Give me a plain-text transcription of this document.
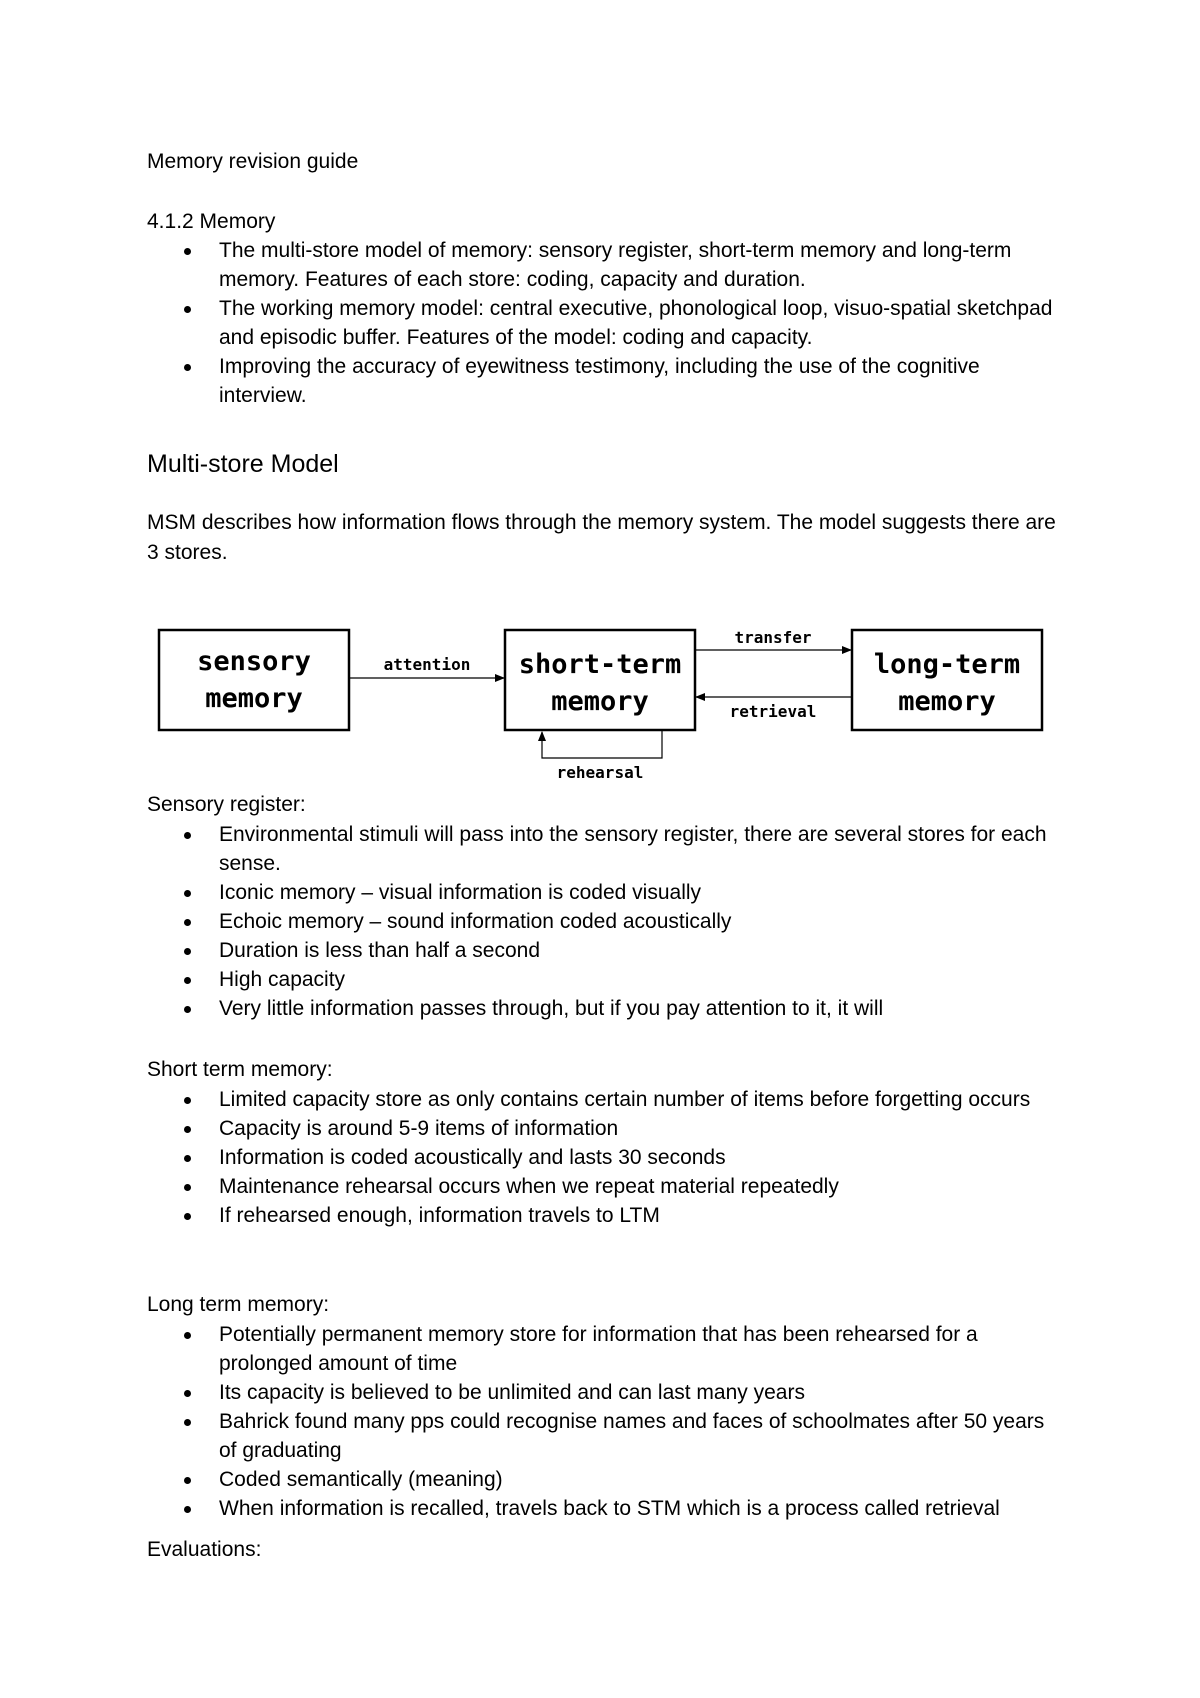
Memory revision guide
4.1.2 Memory
The multi-store model of memory: sensory register, short-term memory and long-term memory. Features of each store: coding, capacity and duration.
The working memory model: central executive, phonological loop, visuo-spatial sketchpad and episodic buffer. Features of the model: coding and capacity.
Improving the accuracy of eyewitness testimony, including the use of the cognitive interview.
Multi-store Model
MSM describes how information flows through the memory system. The model suggests there are 3 stores.
sensory
memory
short-term
memory
long-term
memory
attention
transfer
retrieval
rehearsal
Sensory register:
Environmental stimuli will pass into the sensory register, there are several stores for each sense.
Iconic memory – visual information is coded visually
Echoic memory – sound information coded acoustically
Duration is less than half a second
High capacity
Very little information passes through, but if you pay attention to it, it will
Short term memory:
Limited capacity store as only contains certain number of items before forgetting occurs
Capacity is around 5-9 items of information
Information is coded acoustically and lasts 30 seconds
Maintenance rehearsal occurs when we repeat material repeatedly
If rehearsed enough, information travels to LTM
Long term memory:
Potentially permanent memory store for information that has been rehearsed for a prolonged amount of time
Its capacity is believed to be unlimited and can last many years
Bahrick found many pps could recognise names and faces of schoolmates after 50 years of graduating
Coded semantically (meaning)
When information is recalled, travels back to STM which is a process called retrieval
Evaluations:
